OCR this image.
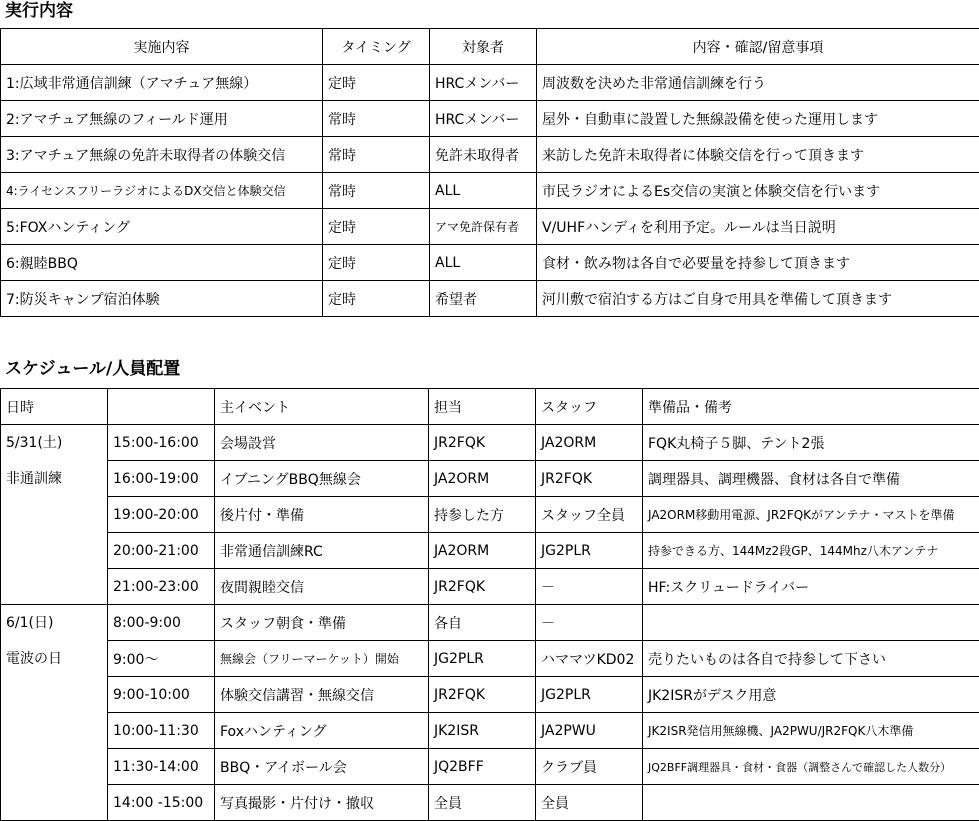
実行内容
実施内容	タイミング	対象者	内容・確認/留意事項
1:広域非常通信訓練（アマチュア無線）	定時	HRCメンバー	周波数を決めた非常通信訓練を行う
2:アマチュア無線のフィールド運用	常時	HRCメンバー	屋外・自動車に設置した無線設備を使った運用します
3:アマチュア無線の免許未取得者の体験交信	常時	免許未取得者	来訪した免許未取得者に体験交信を行って頂きます
4:ライセンスフリーラジオによるDX交信と体験交信	常時	ALL	市民ラジオによるEs交信の実演と体験交信を行います
5:FOXハンティング	定時	アマ免許保有者	V/UHFハンディを利用予定。ルールは当日説明
6:親睦BBQ	定時	ALL	食材・飲み物は各自で必要量を持参して頂きます
7:防災キャンプ宿泊体験	定時	希望者	河川敷で宿泊する方はご自身で用具を準備して頂きます
スケジュール/人員配置
日時		主イベント	担当	スタッフ	準備品・備考

5/31(土)
非通訓練	15:00-16:00	会場設営	JR2FQK	JA2ORM	FQK丸椅子５脚、テント2張
	16:00-19:00	イブニングBBQ無線会	JA2ORM	JR2FQK	調理器具、調理機器、食材は各自で準備
	19:00-20:00	後片付・準備	持参した方	スタッフ全員	JA2ORM移動用電源、JR2FQKがアンテナ・マストを準備
	20:00-21:00	非常通信訓練RC	JA2ORM	JG2PLR	持参できる方、144Mz2段GP、144Mhz八木アンテナ
	21:00-23:00	夜間親睦交信	JR2FQK	－	HF:スクリュードライバー

6/1(日)
電波の日	8:00-9:00	スタッフ朝食・準備	各自	－	
	9:00～	無線会（フリーマーケット）開始	JG2PLR	ハママツKD02	売りたいものは各自で持参して下さい
	9:00-10:00	体験交信講習・無線交信	JR2FQK	JG2PLR	JK2ISRがデスク用意
	10:00-11:30	Foxハンティング	JK2ISR	JA2PWU	JK2ISR発信用無線機、JA2PWU/JR2FQK八木準備
	11:30-14:00	BBQ・アイボール会	JQ2BFF	クラブ員	JQ2BFF調理器具・食材・食器（調整さんで確認した人数分）
	14:00 -15:00	写真撮影・片付け・撤収	全員	全員	
